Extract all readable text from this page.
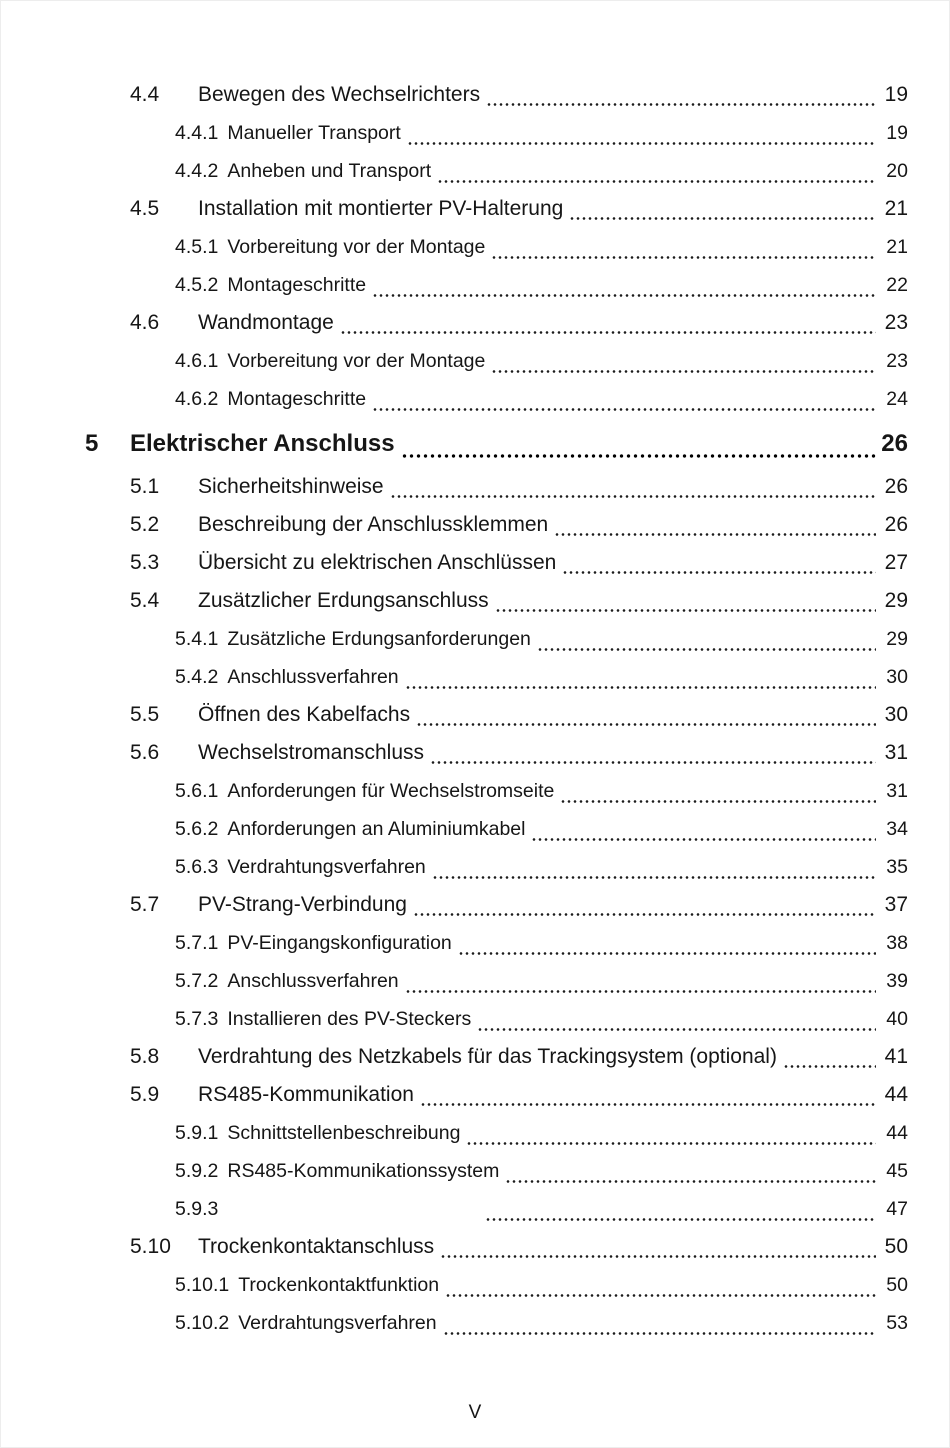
4.4	Bewegen des Wechselrichters	19
4.4.1 Manueller Transport	19
4.4.2 Anheben und Transport	20
4.5	Installation mit montierter PV-Halterung	21
4.5.1 Vorbereitung vor der Montage	21
4.5.2 Montageschritte	22
4.6	Wandmontage	23
4.6.1 Vorbereitung vor der Montage	23
4.6.2 Montageschritte	24
5	Elektrischer Anschluss	26
5.1	Sicherheitshinweise	26
5.2	Beschreibung der Anschlussklemmen	26
5.3	Übersicht zu elektrischen Anschlüssen	27
5.4	Zusätzlicher Erdungsanschluss	29
5.4.1 Zusätzliche Erdungsanforderungen	29
5.4.2 Anschlussverfahren	30
5.5	Öffnen des Kabelfachs	30
5.6	Wechselstromanschluss	31
5.6.1 Anforderungen für Wechselstromseite	31
5.6.2 Anforderungen an Aluminiumkabel	34
5.6.3 Verdrahtungsverfahren	35
5.7	PV-Strang-Verbindung	37
5.7.1 PV-Eingangskonfiguration	38
5.7.2 Anschlussverfahren	39
5.7.3 Installieren des PV-Steckers	40
5.8	Verdrahtung des Netzkabels für das Trackingsystem (optional)	41
5.9	RS485-Kommunikation	44
5.9.1 Schnittstellenbeschreibung	44
5.9.2 RS485-Kommunikationssystem	45
5.9.3	47
5.10	Trockenkontaktanschluss	50
5.10.1 Trockenkontaktfunktion	50
5.10.2 Verdrahtungsverfahren	53
V
